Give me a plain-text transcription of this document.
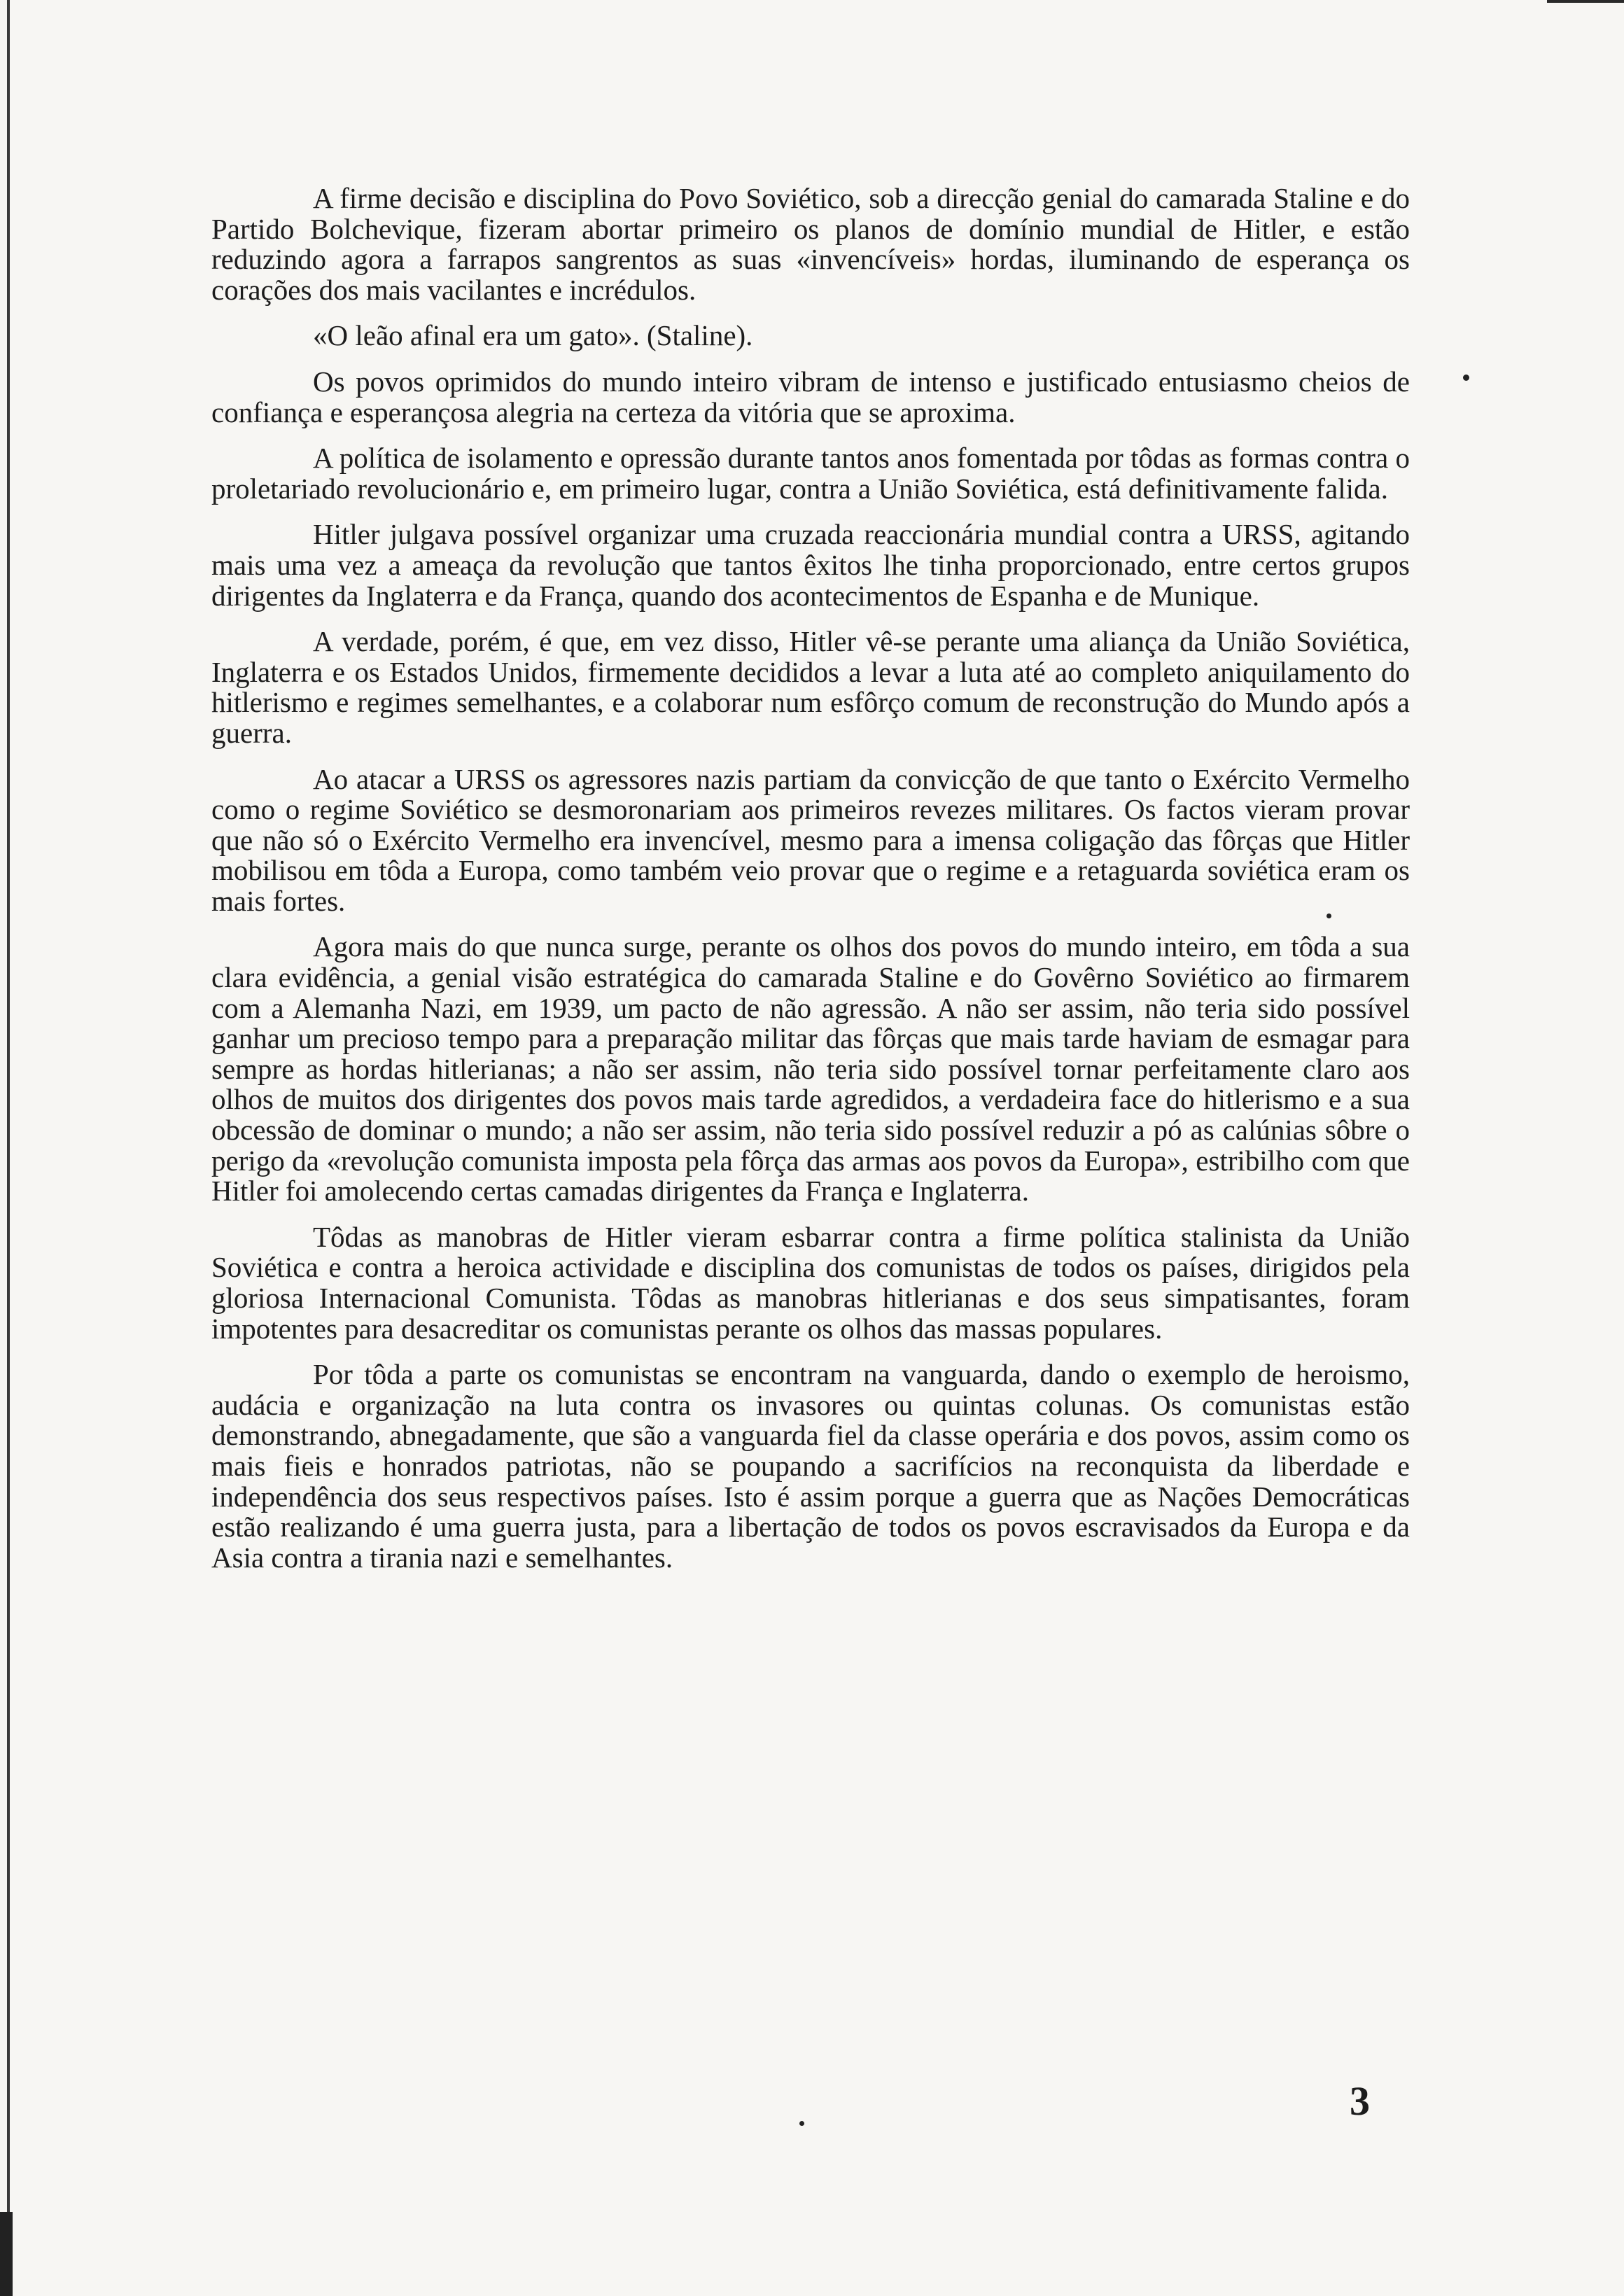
A firme decisão e disciplina do Povo Soviético, sob a direcção genial do camarada Staline e do Partido Bolchevique, fizeram abortar primeiro os planos de domínio mundial de Hitler, e estão reduzindo agora a farrapos sangrentos as suas «invencíveis» hordas, iluminando de esperança os corações dos mais vacilantes e incrédulos.

«O leão afinal era um gato». (Staline).

Os povos oprimidos do mundo inteiro vibram de intenso e justificado entusiasmo cheios de confiança e esperançosa alegria na certeza da vitória que se aproxima.

A política de isolamento e opressão durante tantos anos fomentada por tôdas as formas contra o proletariado revolucionário e, em primeiro lugar, contra a União Soviética, está definitivamente falida.

Hitler julgava possível organizar uma cruzada reaccionária mundial contra a URSS, agitando mais uma vez a ameaça da revolução que tantos êxitos lhe tinha proporcionado, entre certos grupos dirigentes da Inglaterra e da França, quando dos acontecimentos de Espanha e de Munique.

A verdade, porém, é que, em vez disso, Hitler vê-se perante uma aliança da União Soviética, Inglaterra e os Estados Unidos, firmemente decididos a levar a luta até ao completo aniquilamento do hitlerismo e regimes semelhantes, e a colaborar num esfôrço comum de reconstrução do Mundo após a guerra.

Ao atacar a URSS os agressores nazis partiam da convicção de que tanto o Exército Vermelho como o regime Soviético se desmoronariam aos primeiros revezes militares. Os factos vieram provar que não só o Exército Vermelho era invencível, mesmo para a imensa coligação das fôrças que Hitler mobilisou em tôda a Europa, como também veio provar que o regime e a retaguarda soviética eram os mais fortes.

Agora mais do que nunca surge, perante os olhos dos povos do mundo inteiro, em tôda a sua clara evidência, a genial visão estratégica do camarada Staline e do Govêrno Soviético ao firmarem com a Alemanha Nazi, em 1939, um pacto de não agressão. A não ser assim, não teria sido possível ganhar um precioso tempo para a preparação militar das fôrças que mais tarde haviam de esmagar para sempre as hordas hitlerianas; a não ser assim, não teria sido possível tornar perfeitamente claro aos olhos de muitos dos dirigentes dos povos mais tarde agredidos, a verdadeira face do hitlerismo e a sua obcessão de dominar o mundo; a não ser assim, não teria sido possível reduzir a pó as calúnias sôbre o perigo da «revolução comunista imposta pela fôrça das armas aos povos da Europa», estribilho com que Hitler foi amolecendo certas camadas dirigentes da França e Inglaterra.

Tôdas as manobras de Hitler vieram esbarrar contra a firme política stalinista da União Soviética e contra a heroica actividade e disciplina dos comunistas de todos os países, dirigidos pela gloriosa Internacional Comunista. Tôdas as manobras hitlerianas e dos seus simpatisantes, foram impotentes para desacreditar os comunistas perante os olhos das massas populares.

Por tôda a parte os comunistas se encontram na vanguarda, dando o exemplo de heroismo, audácia e organização na luta contra os invasores ou quintas colunas. Os comunistas estão demonstrando, abnegadamente, que são a vanguarda fiel da classe operária e dos povos, assim como os mais fieis e honrados patriotas, não se poupando a sacrifícios na reconquista da liberdade e independência dos seus respectivos países. Isto é assim porque a guerra que as Nações Democráticas estão realizando é uma guerra justa, para a libertação de todos os povos escravisados da Europa e da Asia contra a tirania nazi e semelhantes.

3
